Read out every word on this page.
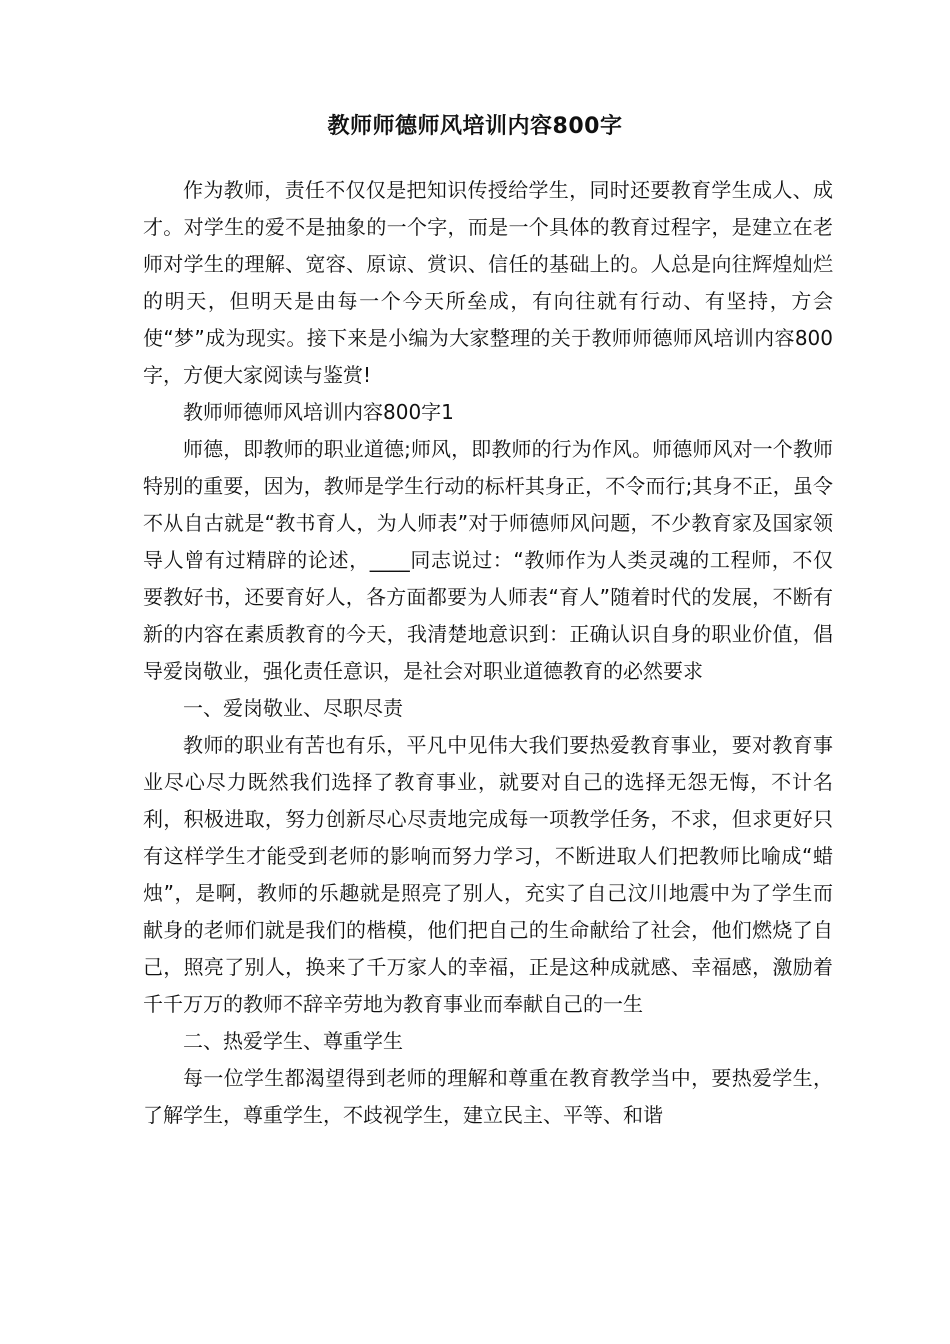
教师师德师风培训内容800字

作为教师，责任不仅仅是把知识传授给学生，同时还要教育学生成人、成才。对学生的爱不是抽象的一个字，而是一个具体的教育过程字，是建立在老师对学生的理解、宽容、原谅、赏识、信任的基础上的。人总是向往辉煌灿烂的明天，但明天是由每一个今天所垒成，有向往就有行动、有坚持，方会使“梦”成为现实。接下来是小编为大家整理的关于教师师德师风培训内容800字，方便大家阅读与鉴赏!

教师师德师风培训内容800字1

师德，即教师的职业道德;师风，即教师的行为作风。师德师风对一个教师特别的重要，因为，教师是学生行动的标杆其身正，不令而行;其身不正，虽令不从自古就是“教书育人，为人师表”对于师德师风问题，不少教育家及国家领导人曾有过精辟的论述，____同志说过：“教师作为人类灵魂的工程师，不仅要教好书，还要育好人，各方面都要为人师表“育人”随着时代的发展，不断有新的内容在素质教育的今天，我清楚地意识到：正确认识自身的职业价值，倡导爱岗敬业，强化责任意识，是社会对职业道德教育的必然要求

一、爱岗敬业、尽职尽责

教师的职业有苦也有乐，平凡中见伟大我们要热爱教育事业，要对教育事业尽心尽力既然我们选择了教育事业，就要对自己的选择无怨无悔，不计名利，积极进取，努力创新尽心尽责地完成每一项教学任务，不求，但求更好只有这样学生才能受到老师的影响而努力学习，不断进取人们把教师比喻成“蜡烛”，是啊，教师的乐趣就是照亮了别人，充实了自己汶川地震中为了学生而献身的老师们就是我们的楷模，他们把自己的生命献给了社会，他们燃烧了自己，照亮了别人，换来了千万家人的幸福，正是这种成就感、幸福感，激励着千千万万的教师不辞辛劳地为教育事业而奉献自己的一生

二、热爱学生、尊重学生

每一位学生都渴望得到老师的理解和尊重在教育教学当中，要热爱学生，了解学生，尊重学生，不歧视学生，建立民主、平等、和谐
